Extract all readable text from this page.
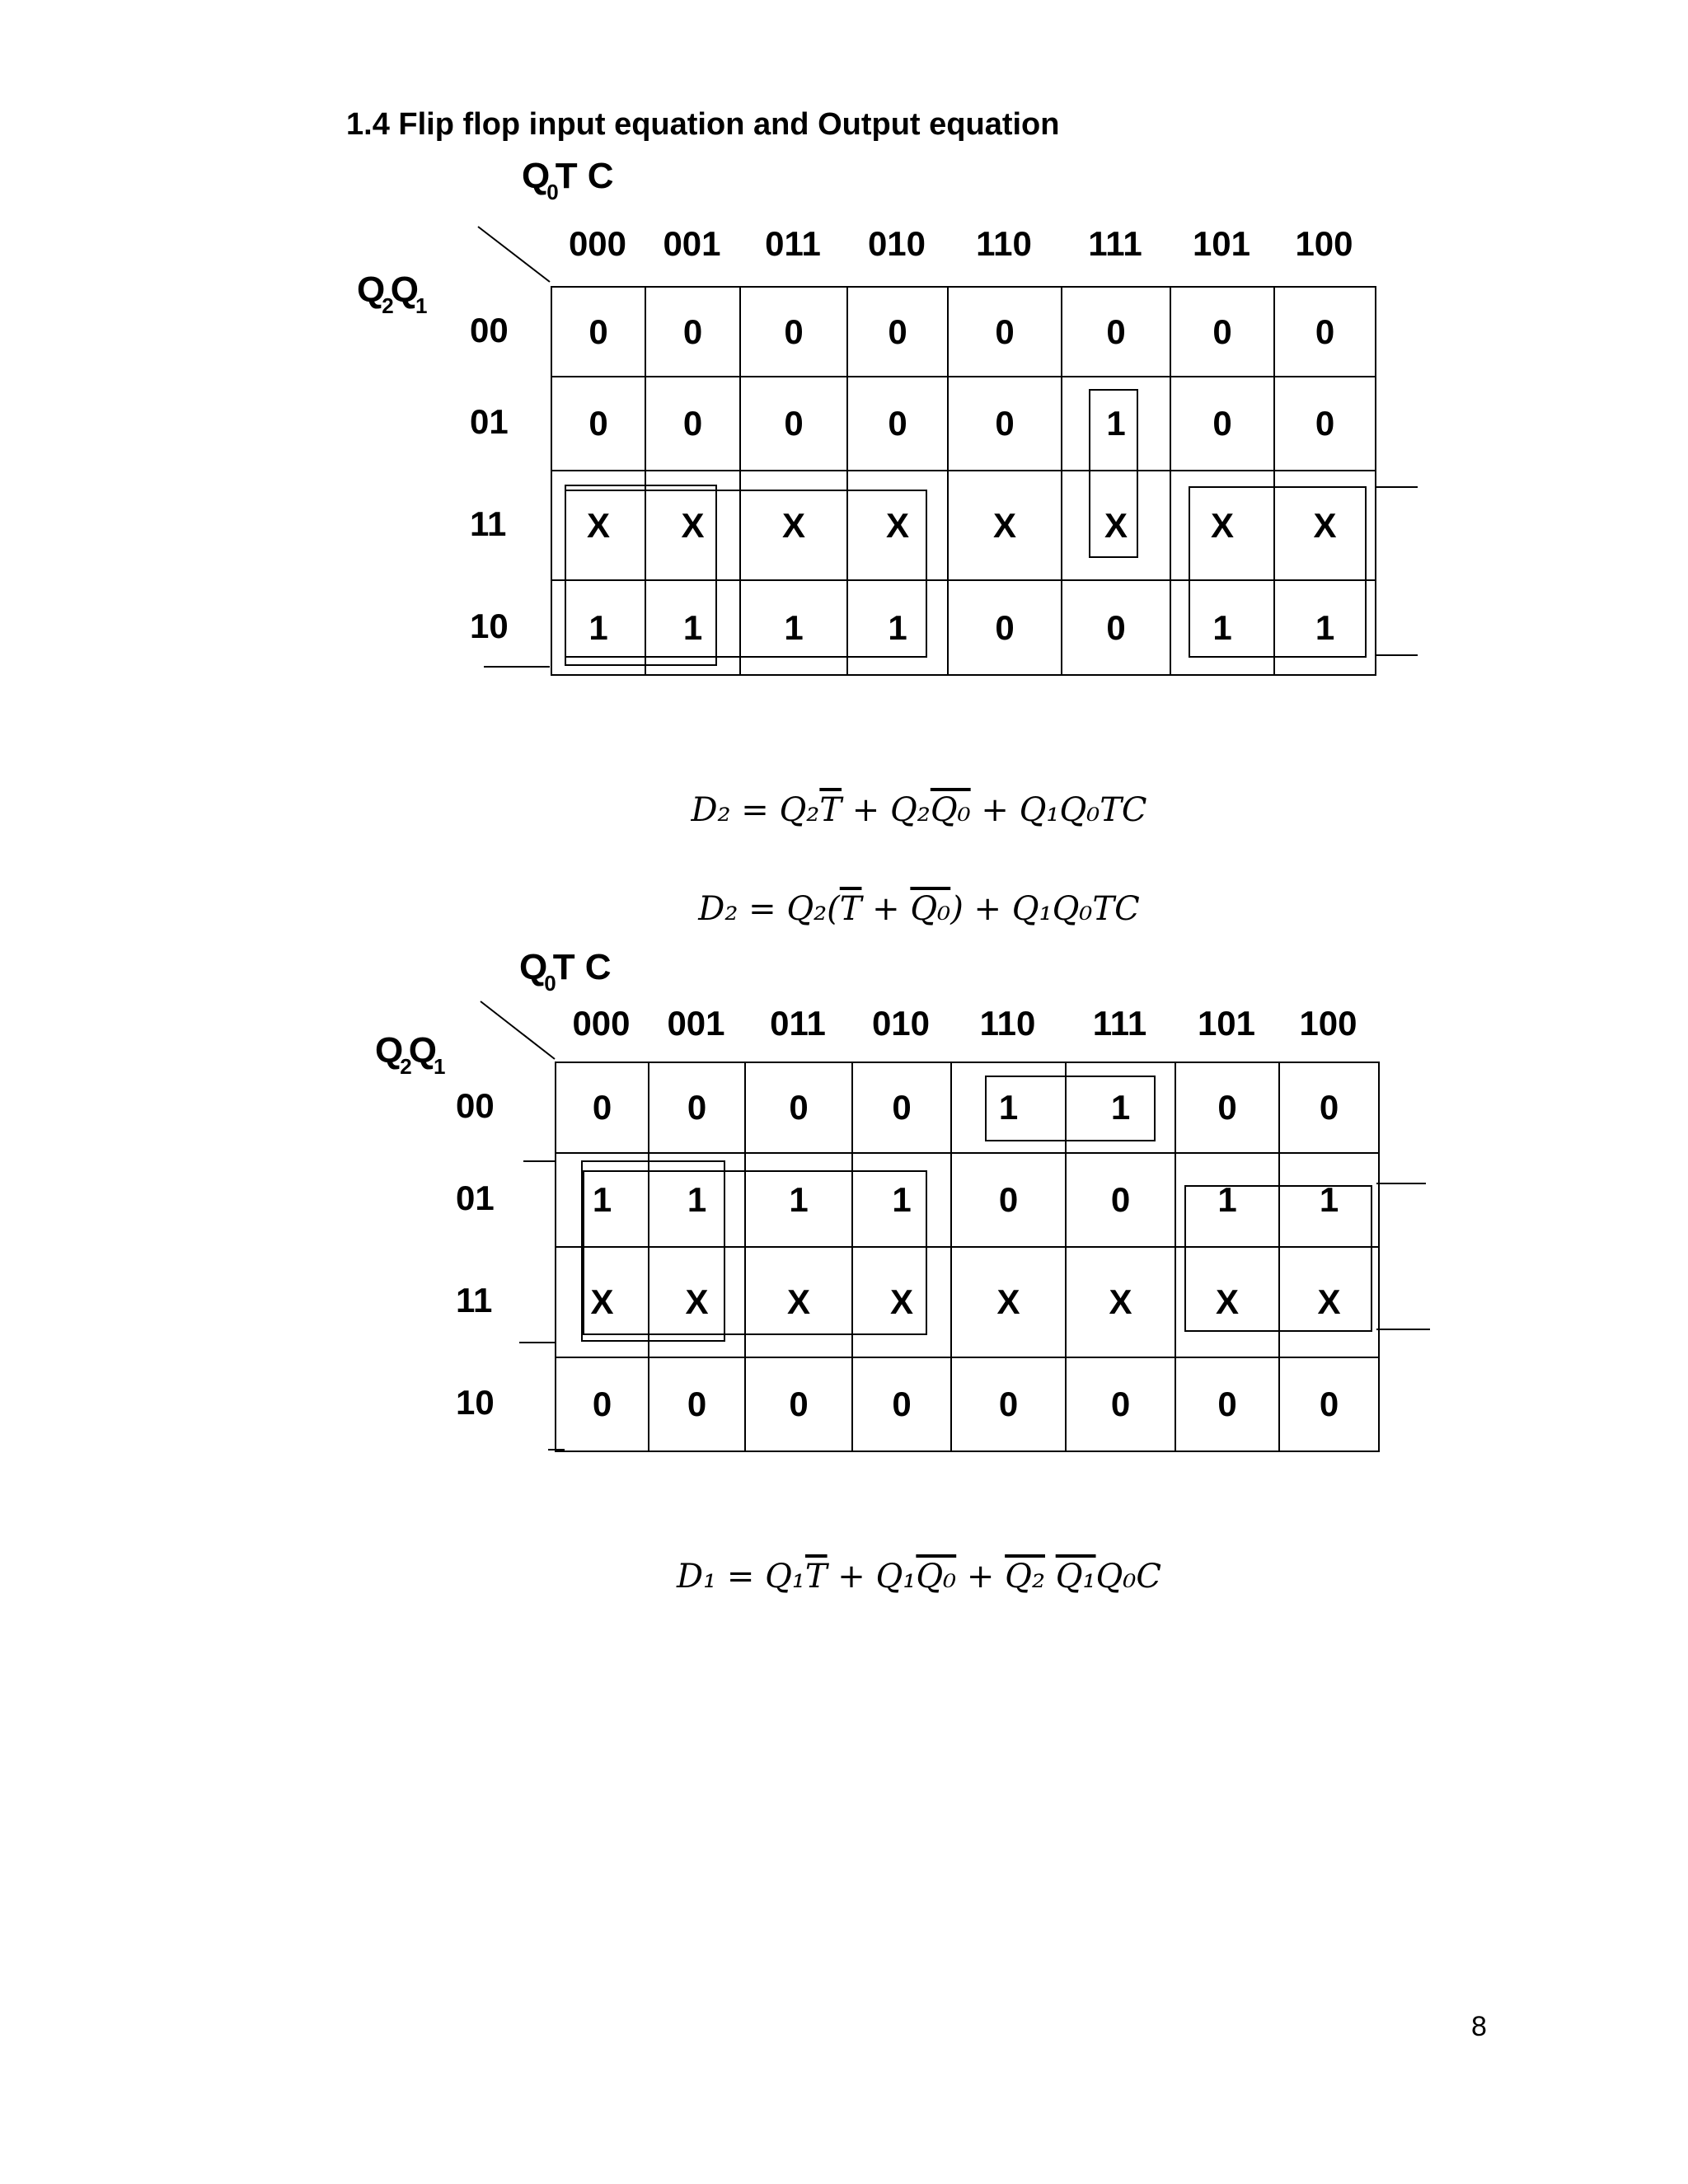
1.4 Flip flop input equation and Output equation
$Q_0T$ C
$Q_2Q_1$
000	001	011	010	110	111	101	100
00
01
11
10
0	0	0	0	0	0	0	0
0	0	0	0	0	1	0	0
X	X	X	X	X	X	X	X
1	1	1	1	0	0	1	1
$D_2 = Q_2\overline{T} + Q_2Q_0 + Q_1Q_0TC$
$D_2 = Q_2(\overline{T} + Q_0) + Q_1Q_0TC$
$Q_0T$ C
$Q_2Q_1$
000	001	011	010	110	111	101	100
00
01
11
10
0	0	0	0	1	1	0	0
1	1	1	1	0	0	1	1
X	X	X	X	X	X	X	X
0	0	0	0	0	0	0	0
$D_1 = Q_1\overline{T} + Q_1Q_0 + Q_2$ Q₁Q₀C
8
